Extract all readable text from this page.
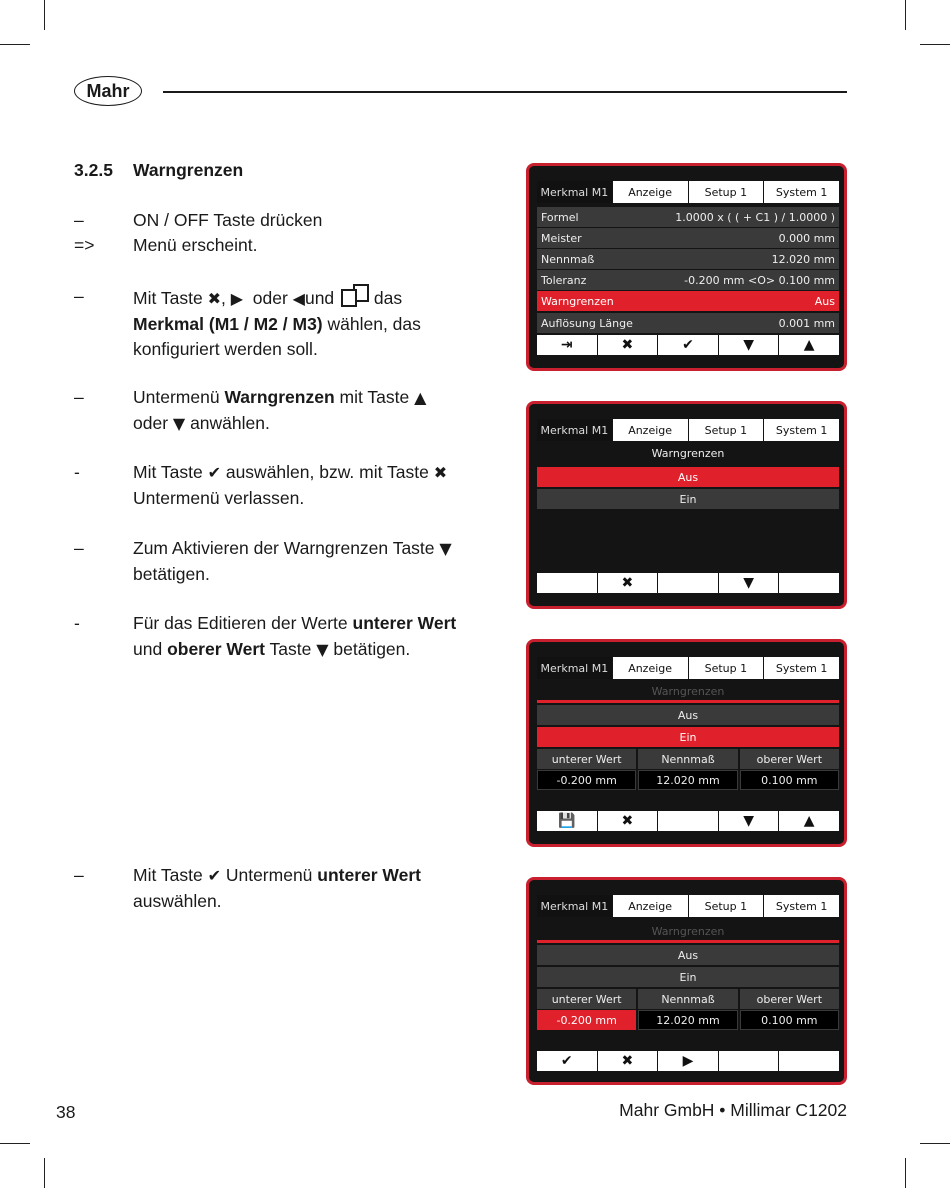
Mahr
3.2.5 Warngrenzen
–	ON / OFF Taste drücken
=>	Menü erscheint.
–	Mit Taste ✖, ▶  oder ◀und
das Merkmal (M1 / M2 / M3) wählen, das konfiguriert werden soll.
–	Untermenü Warngrenzen mit Taste ▲ oder ▼ anwählen.
-	Mit Taste ✔ auswählen, bzw. mit Taste ✖ Untermenü verlassen.
–	Zum Aktivieren der Warngrenzen Taste ▼ betätigen.
-	Für das Editieren der Werte unterer Wert und oberer Wert Taste ▼ betätigen.
–	Mit Taste ✔ Untermenü unterer Wert auswählen.
Merkmal M1	Anzeige	Setup 1	System 1
Formel	1.0000 x ( ( + C1 ) / 1.0000 )
Meister	0.000 mm
Nennmaß	12.020 mm
Toleranz	-0.200 mm <O> 0.100 mm
Warngrenzen	Aus
Auflösung Länge	0.001 mm
⇥	✖	✔	▼	▲
Merkmal M1	Anzeige	Setup 1	System 1
Warngrenzen
Aus
Ein
✖	▼
Merkmal M1	Anzeige	Setup 1	System 1
Warngrenzen
Aus
Ein
unterer Wert	Nennmaß	oberer Wert
-0.200 mm	12.020 mm	0.100 mm
💾	✖	▼	▲
Merkmal M1	Anzeige	Setup 1	System 1
Warngrenzen
Aus
Ein
unterer Wert	Nennmaß	oberer Wert
-0.200 mm	12.020 mm	0.100 mm
✔	✖	▶
38	Mahr GmbH • Millimar C1202
